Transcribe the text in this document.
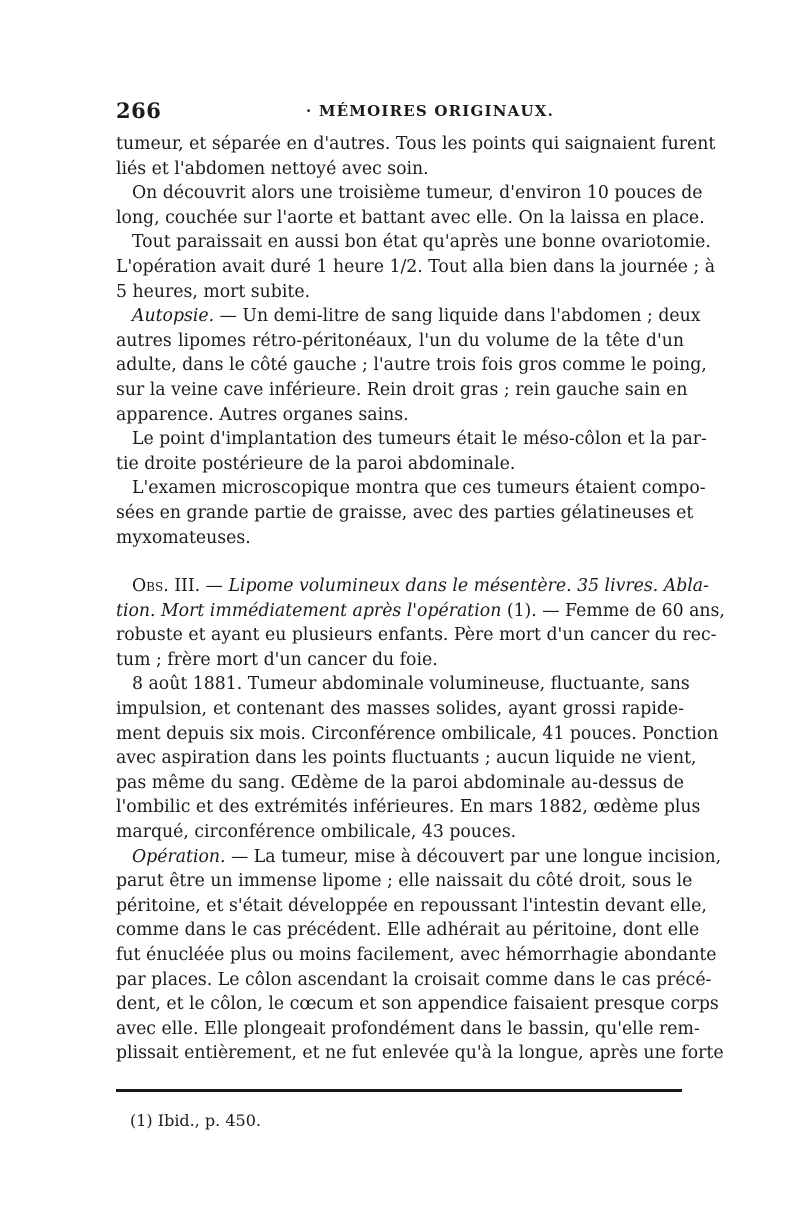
266	· MÉMOIRES ORIGINAUX.
tumeur, et séparée en d'autres. Tous les points qui saignaient furent
liés et l'abdomen nettoyé avec soin.
On découvrit alors une troisième tumeur, d'environ 10 pouces de
long, couchée sur l'aorte et battant avec elle. On la laissa en place.
Tout paraissait en aussi bon état qu'après une bonne ovariotomie.
L'opération avait duré 1 heure 1/2. Tout alla bien dans la journée ; à
5 heures, mort subite.
Autopsie. — Un demi-litre de sang liquide dans l'abdomen ; deux
autres lipomes rétro-péritonéaux, l'un du volume de la tête d'un
adulte, dans le côté gauche ; l'autre trois fois gros comme le poing,
sur la veine cave inférieure. Rein droit gras ; rein gauche sain en
apparence. Autres organes sains.
Le point d'implantation des tumeurs était le méso-côlon et la par-
tie droite postérieure de la paroi abdominale.
L'examen microscopique montra que ces tumeurs étaient compo-
sées en grande partie de graisse, avec des parties gélatineuses et
myxomateuses.
Obs. III. — Lipome volumineux dans le mésentère. 35 livres. Abla-
tion. Mort immédiatement après l'opération (1). — Femme de 60 ans,
robuste et ayant eu plusieurs enfants. Père mort d'un cancer du rec-
tum ; frère mort d'un cancer du foie.
8 août 1881. Tumeur abdominale volumineuse, fluctuante, sans
impulsion, et contenant des masses solides, ayant grossi rapide-
ment depuis six mois. Circonférence ombilicale, 41 pouces. Ponction
avec aspiration dans les points fluctuants ; aucun liquide ne vient,
pas même du sang. Œdème de la paroi abdominale au-dessus de
l'ombilic et des extrémités inférieures. En mars 1882, œdème plus
marqué, circonférence ombilicale, 43 pouces.
Opération. — La tumeur, mise à découvert par une longue incision,
parut être un immense lipome ; elle naissait du côté droit, sous le
péritoine, et s'était développée en repoussant l'intestin devant elle,
comme dans le cas précédent. Elle adhérait au péritoine, dont elle
fut énucléée plus ou moins facilement, avec hémorrhagie abondante
par places. Le côlon ascendant la croisait comme dans le cas précé-
dent, et le côlon, le cœcum et son appendice faisaient presque corps
avec elle. Elle plongeait profondément dans le bassin, qu'elle rem-
plissait entièrement, et ne fut enlevée qu'à la longue, après une forte
(1) Ibid., p. 450.
